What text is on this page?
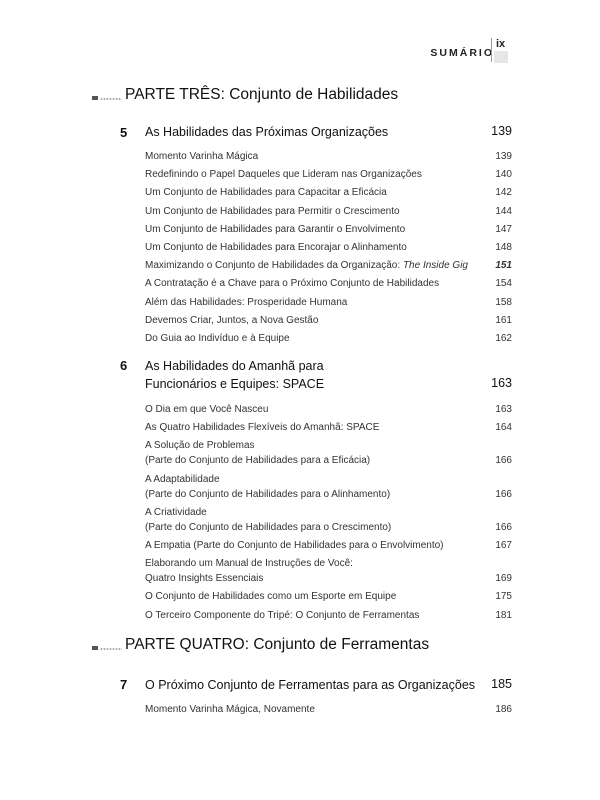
SUMÁRIO
ix
PARTE TRÊS: Conjunto de Habilidades
5 As Habilidades das Próximas Organizações	139
Momento Varinha Mágica	139
Redefinindo o Papel Daqueles que Lideram nas Organizações	140
Um Conjunto de Habilidades para Capacitar a Eficácia	142
Um Conjunto de Habilidades para Permitir o Crescimento	144
Um Conjunto de Habilidades para Garantir o Envolvimento	147
Um Conjunto de Habilidades para Encorajar o Alinhamento	148
Maximizando o Conjunto de Habilidades da Organização: The Inside Gig	151
A Contratação é a Chave para o Próximo Conjunto de Habilidades	154
Além das Habilidades: Prosperidade Humana	158
Devemos Criar, Juntos, a Nova Gestão	161
Do Guia ao Indivíduo e à Equipe	162
6 As Habilidades do Amanhã para
Funcionários e Equipes: SPACE	163
O Dia em que Você Nasceu	163
As Quatro Habilidades Flexíveis do Amanhã: SPACE	164
A Solução de Problemas
(Parte do Conjunto de Habilidades para a Eficácia)	166
A Adaptabilidade
(Parte do Conjunto de Habilidades para o Alinhamento)	166
A Criatividade
(Parte do Conjunto de Habilidades para o Crescimento)	166
A Empatia (Parte do Conjunto de Habilidades para o Envolvimento)	167
Elaborando um Manual de Instruções de Você:
Quatro Insights Essenciais	169
O Conjunto de Habilidades como um Esporte em Equipe	175
O Terceiro Componente do Tripé: O Conjunto de Ferramentas	181
PARTE QUATRO: Conjunto de Ferramentas
7 O Próximo Conjunto de Ferramentas para as Organizações 185
Momento Varinha Mágica, Novamente	186
